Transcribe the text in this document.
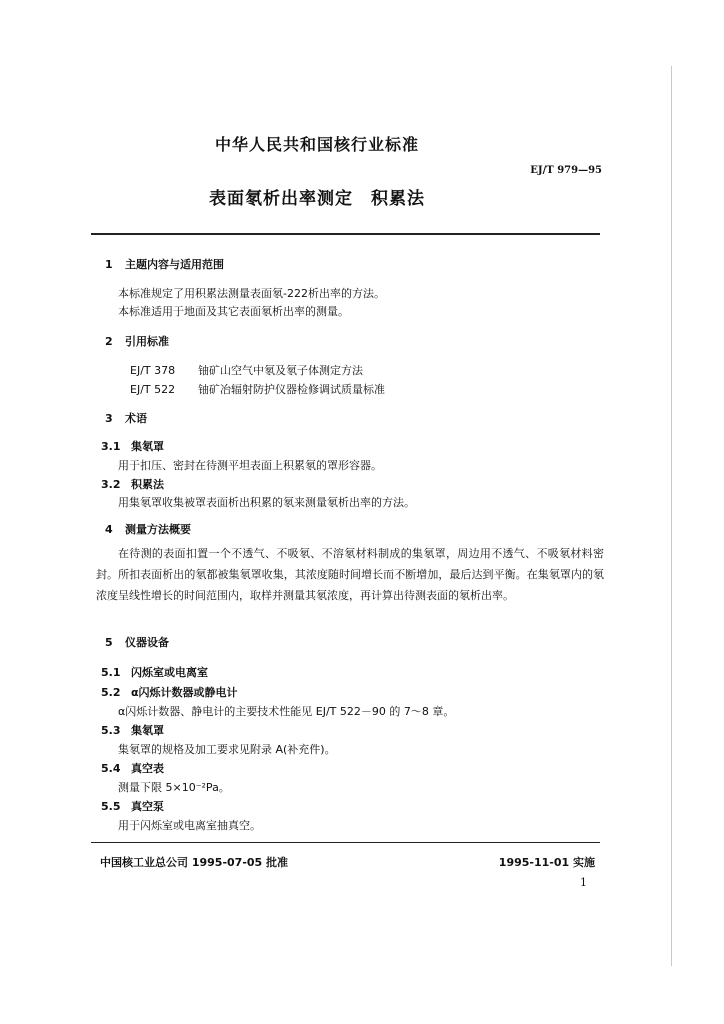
中华人民共和国核行业标准
EJ/T 979—95
表面氡析出率测定　积累法
1 主题内容与适用范围
本标准规定了用积累法测量表面氡-222析出率的方法。
本标准适用于地面及其它表面氡析出率的测量。
2 引用标准
EJ/T 378 铀矿山空气中氡及氡子体测定方法
EJ/T 522 铀矿冶辐射防护仪器检修调试质量标准
3 术语
3.1 集氡罩
用于扣压、密封在待测平坦表面上积累氡的罩形容器。
3.2 积累法
用集氡罩收集被罩表面析出积累的氡来测量氡析出率的方法。
4 测量方法概要
在待测的表面扣置一个不透气、不吸氡、不溶氡材料制成的集氡罩，周边用不透气、不吸氡材料密封。所扣表面析出的氡都被集氡罩收集，其浓度随时间增长而不断增加，最后达到平衡。在集氡罩内的氡浓度呈线性增长的时间范围内，取样并测量其氡浓度，再计算出待测表面的氡析出率。
5 仪器设备
5.1 闪烁室或电离室
5.2 α闪烁计数器或静电计
α闪烁计数器、静电计的主要技术性能见 EJ/T 522－90 的 7～8 章。
5.3 集氡罩
集氡罩的规格及加工要求见附录 A(补充件)。
5.4 真空表
测量下限 5×10⁻²Pa。
5.5 真空泵
用于闪烁室或电离室抽真空。
中国核工业总公司 1995-07-05 批准	1995-11-01 实施
1
